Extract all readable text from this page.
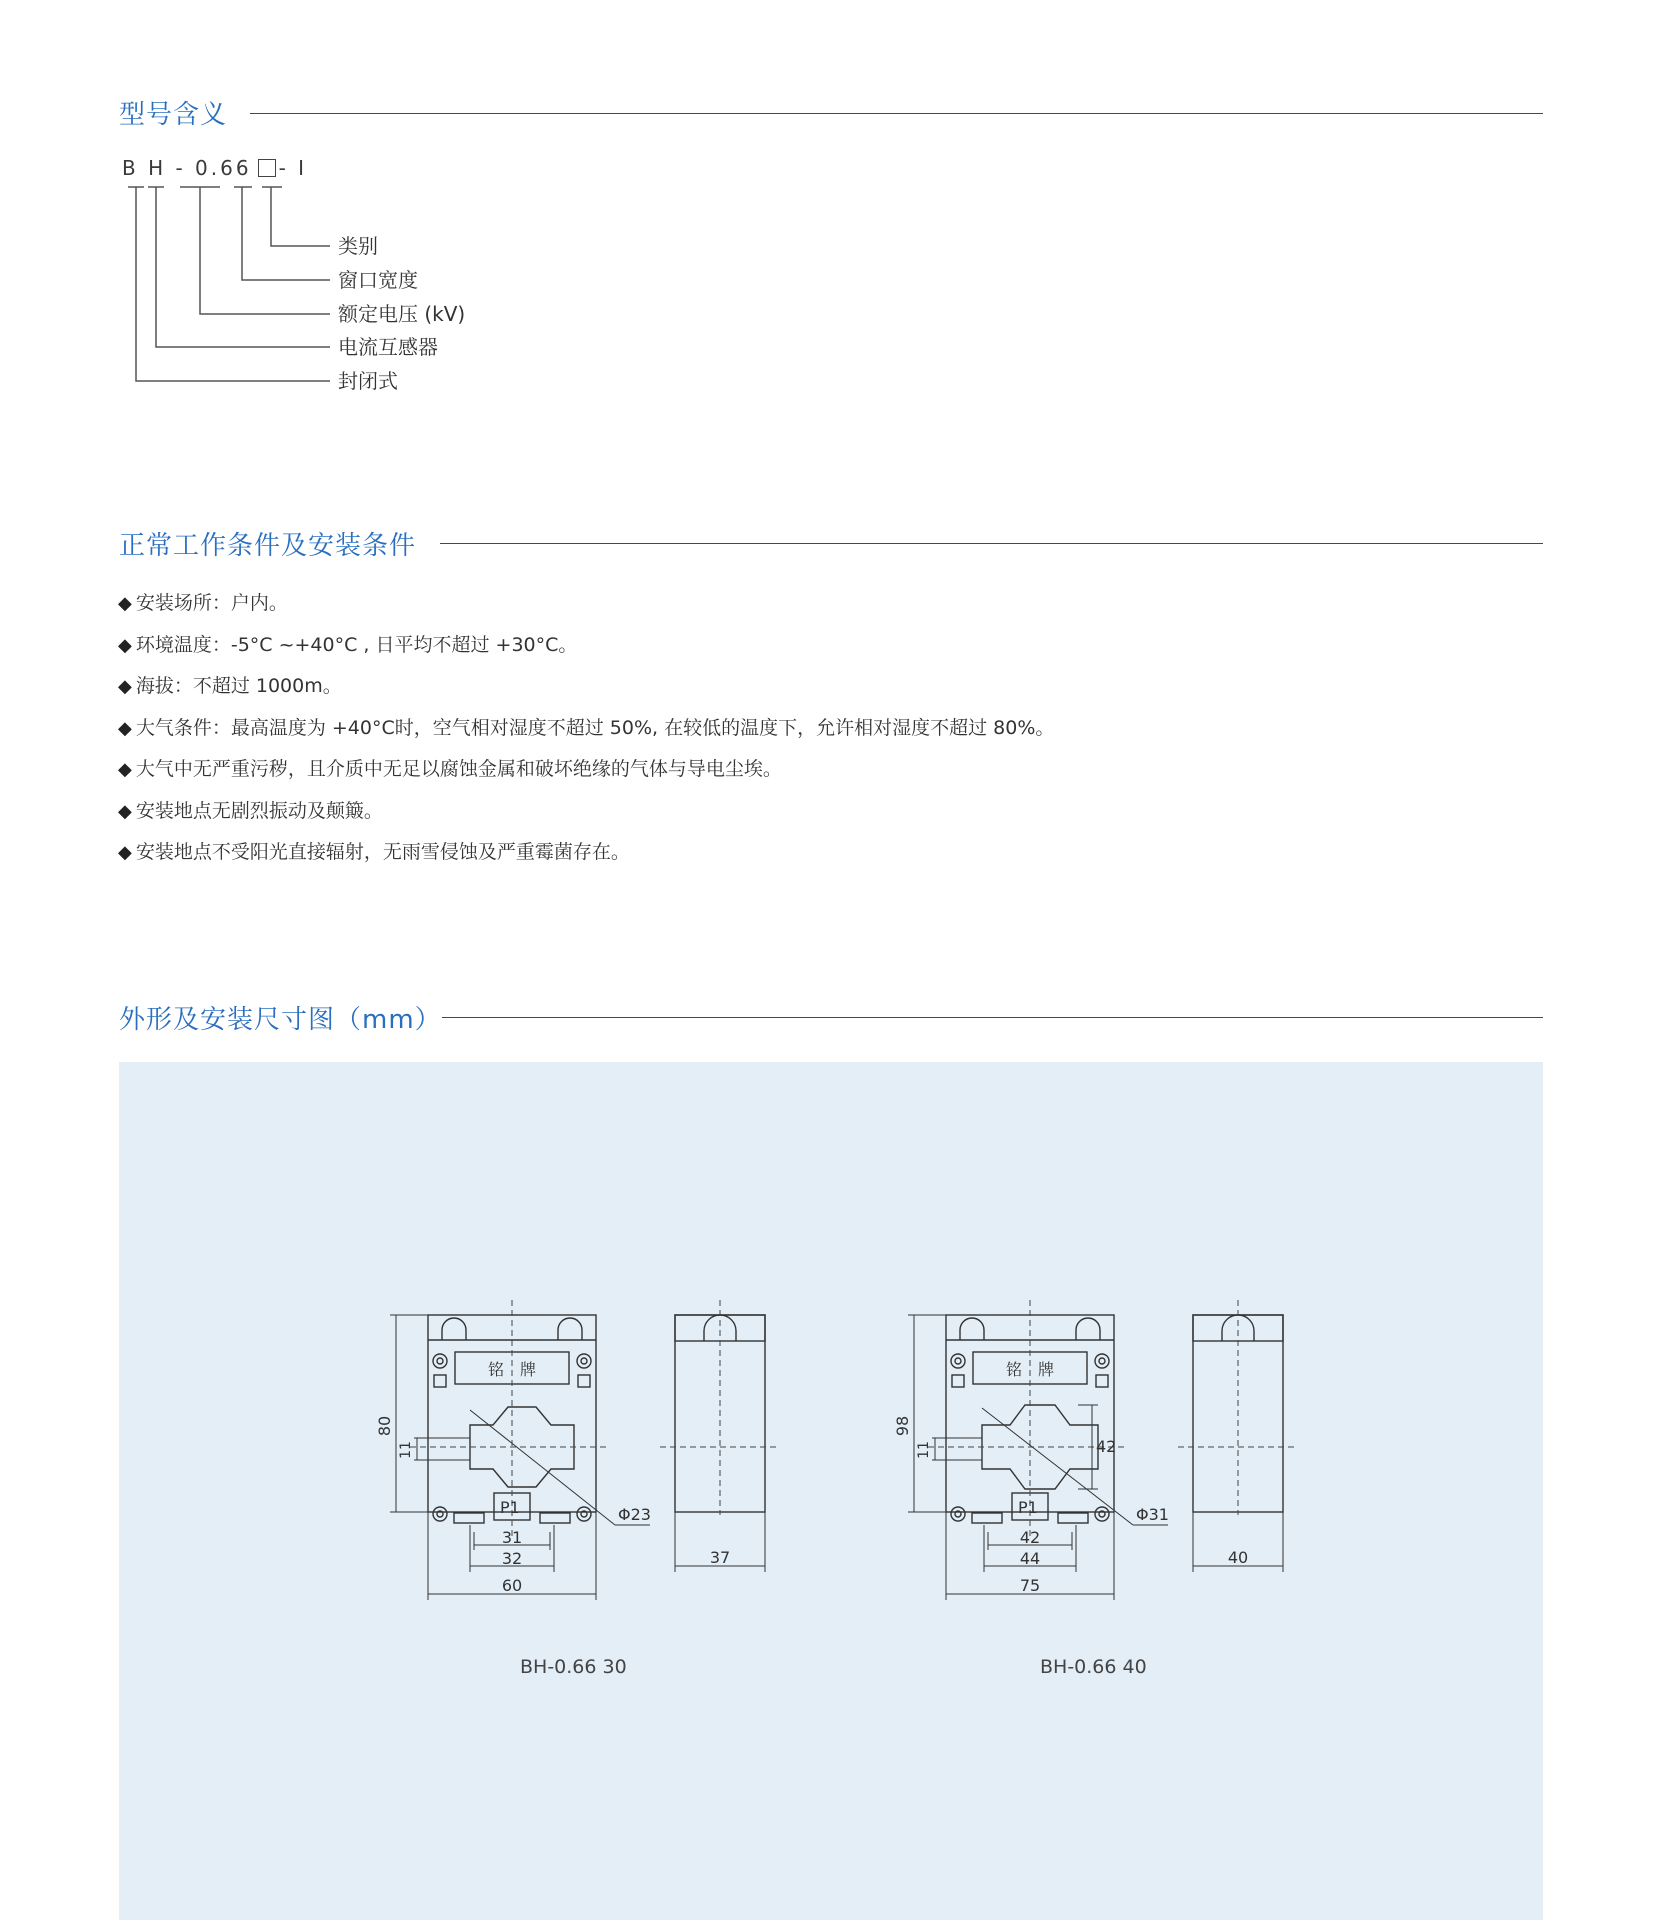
型号含义
B H - 0.66 - I
类别
窗口宽度
额定电压 (kV)
电流互感器
封闭式
正常工作条件及安装条件
◆ 安装场所：户内。
◆ 环境温度：-5°C ~+40°C , 日平均不超过 +30°C。
◆ 海拔：不超过 1000m。
◆ 大气条件：最高温度为 +40°C时，空气相对湿度不超过 50%, 在较低的温度下，允许相对湿度不超过 80%。
◆ 大气中无严重污秽，且介质中无足以腐蚀金属和破坏绝缘的气体与导电尘埃。
◆ 安装地点无剧烈振动及颠簸。
◆ 安装地点不受阳光直接辐射，无雨雪侵蚀及严重霉菌存在。
外形及安装尺寸图（mm）
铭 牌
P1
80
11
Φ23
31
32
60
37
BH-0.66 30
铭 牌
P1
98
11	42
Φ31
42
44
75
40
BH-0.66 40
